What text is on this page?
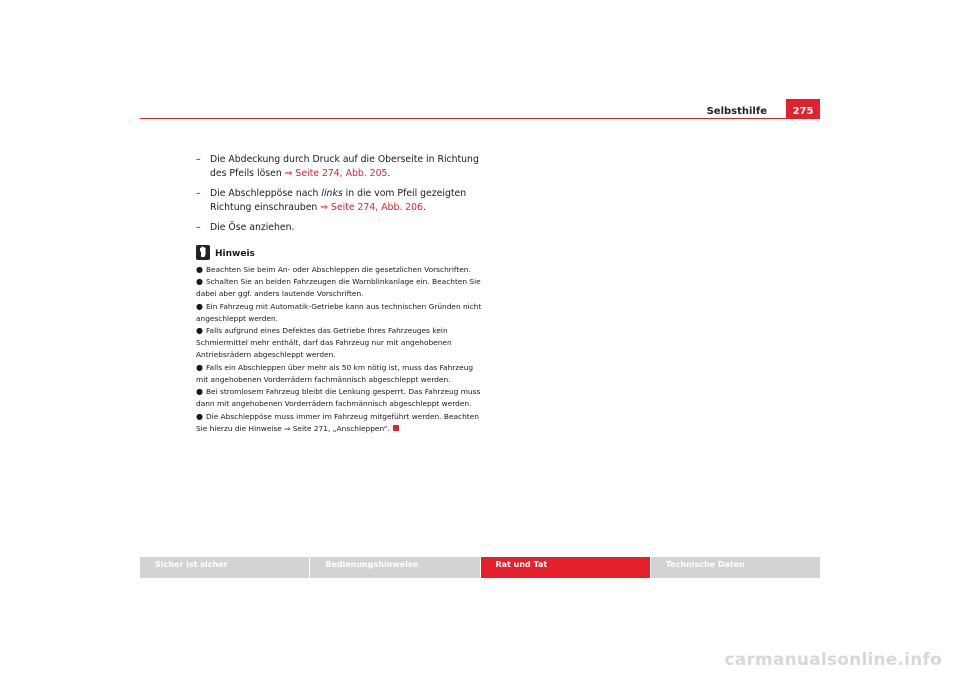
Selbsthilfe	275
– Die Abdeckung durch Druck auf die Oberseite in Richtung des Pfeils lösen ⇒ Seite 274, Abb. 205.
– Die Abschleppöse nach links in die vom Pfeil gezeigten Richtung einschrauben ⇒ Seite 274, Abb. 206.
– Die Öse anziehen.
Hinweis
● Beachten Sie beim An- oder Abschleppen die gesetzlichen Vorschriften.
● Schalten Sie an beiden Fahrzeugen die Warnblinkanlage ein. Beachten Sie dabei aber ggf. anders lautende Vorschriften.
● Ein Fahrzeug mit Automatik-Getriebe kann aus technischen Gründen nicht angeschleppt werden.
● Falls aufgrund eines Defektes das Getriebe Ihres Fahrzeuges kein Schmiermittel mehr enthält, darf das Fahrzeug nur mit angehobenen Antriebsrädern abgeschleppt werden.
● Falls ein Abschleppen über mehr als 50 km nötig ist, muss das Fahrzeug mit angehobenen Vorderrädern fachmännisch abgeschleppt werden.
● Bei stromlosem Fahrzeug bleibt die Lenkung gesperrt. Das Fahrzeug muss dann mit angehobenen Vorderrädern fachmännisch abgeschleppt werden.
● Die Abschleppöse muss immer im Fahrzeug mitgeführt werden. Beachten Sie hierzu die Hinweise ⇒ Seite 271, „Anschleppen“.
Sicher ist sicher	Bedienungshinweise	Rat und Tat	Technische Daten
carmanualsonline.info
